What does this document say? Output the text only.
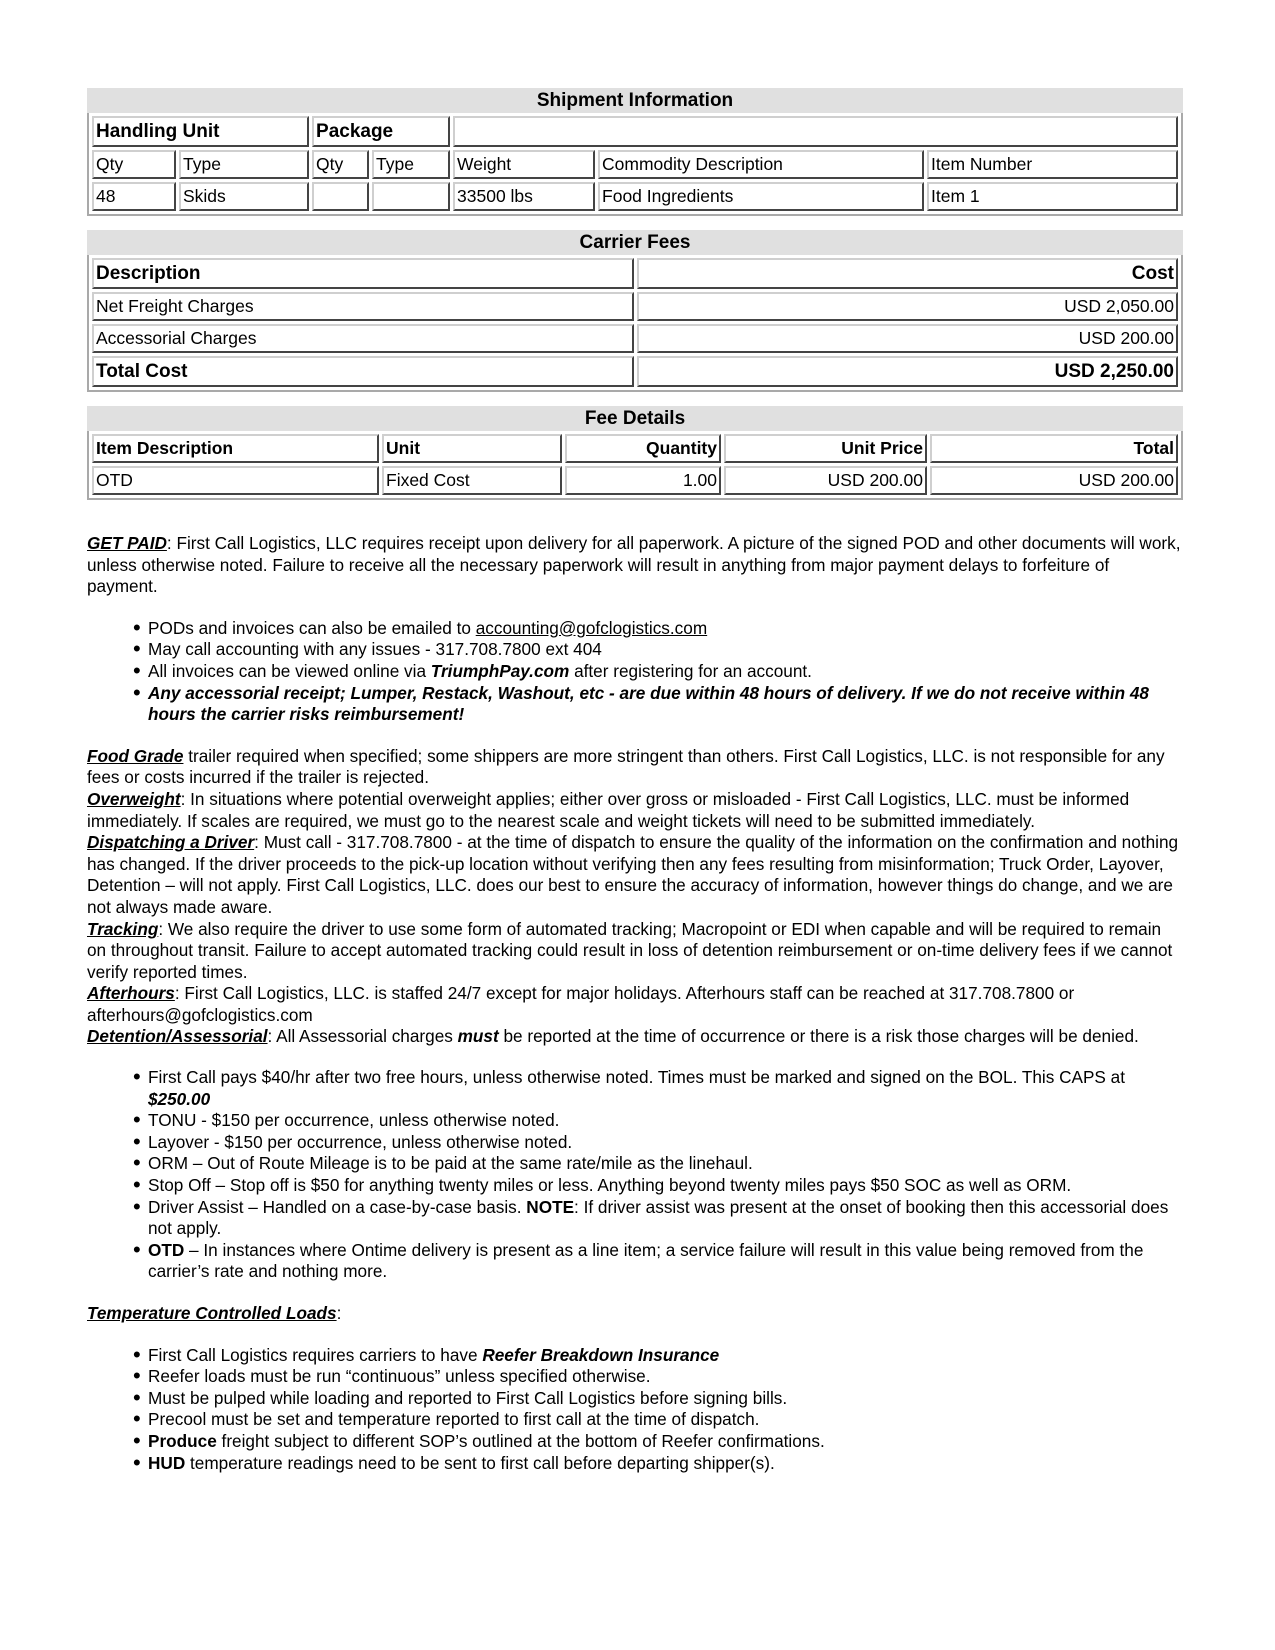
Shipment Information
Handling Unit		Package				
Qty	Type	Qty	Type	Weight	Commodity Description	Item Number
48	Skids			33500 lbs	Food Ingredients	Item 1
Carrier Fees
Description	Cost
Net Freight Charges	USD 2,050.00
Accessorial Charges	USD 200.00
Total Cost	USD 2,250.00
Fee Details
Item Description	Unit	Quantity	Unit Price	Total
OTD	Fixed Cost	1.00	USD 200.00	USD 200.00

GET PAID: First Call Logistics, LLC requires receipt upon delivery for all paperwork. A picture of the signed POD and other documents will work, unless otherwise noted. Failure to receive all the necessary paperwork will result in anything from major payment delays to forfeiture of payment.

• PODs and invoices can also be emailed to accounting@gofclogistics.com
• May call accounting with any issues - 317.708.7800 ext 404
• All invoices can be viewed online via TriumphPay.com after registering for an account.
• Any accessorial receipt; Lumper, Restack, Washout, etc - are due within 48 hours of delivery. If we do not receive within 48 hours the carrier risks reimbursement!

Food Grade trailer required when specified; some shippers are more stringent than others. First Call Logistics, LLC. is not responsible for any fees or costs incurred if the trailer is rejected.

Overweight: In situations where potential overweight applies; either over gross or misloaded - First Call Logistics, LLC. must be informed immediately. If scales are required, we must go to the nearest scale and weight tickets will need to be submitted immediately.

Dispatching a Driver: Must call - 317.708.7800 - at the time of dispatch to ensure the quality of the information on the confirmation and nothing has changed. If the driver proceeds to the pick-up location without verifying then any fees resulting from misinformation; Truck Order, Layover, Detention – will not apply. First Call Logistics, LLC. does our best to ensure the accuracy of information, however things do change, and we are not always made aware.

Tracking: We also require the driver to use some form of automated tracking; Macropoint or EDI when capable and will be required to remain on throughout transit. Failure to accept automated tracking could result in loss of detention reimbursement or on-time delivery fees if we cannot verify reported times.

Afterhours: First Call Logistics, LLC. is staffed 24/7 except for major holidays. Afterhours staff can be reached at 317.708.7800 or afterhours@gofclogistics.com

Detention/Assessorial: All Assessorial charges must be reported at the time of occurrence or there is a risk those charges will be denied.

• First Call pays $40/hr after two free hours, unless otherwise noted. Times must be marked and signed on the BOL. This CAPS at $250.00
• TONU - $150 per occurrence, unless otherwise noted.
• Layover - $150 per occurrence, unless otherwise noted.
• ORM – Out of Route Mileage is to be paid at the same rate/mile as the linehaul.
• Stop Off – Stop off is $50 for anything twenty miles or less. Anything beyond twenty miles pays $50 SOC as well as ORM.
• Driver Assist – Handled on a case-by-case basis. NOTE: If driver assist was present at the onset of booking then this accessorial does not apply.
• OTD – In instances where Ontime delivery is present as a line item; a service failure will result in this value being removed from the carrier’s rate and nothing more.

Temperature Controlled Loads:

• First Call Logistics requires carriers to have Reefer Breakdown Insurance
• Reefer loads must be run “continuous” unless specified otherwise.
• Must be pulped while loading and reported to First Call Logistics before signing bills.
• Precool must be set and temperature reported to first call at the time of dispatch.
• Produce freight subject to different SOP’s outlined at the bottom of Reefer confirmations.
• HUD temperature readings need to be sent to first call before departing shipper(s).
